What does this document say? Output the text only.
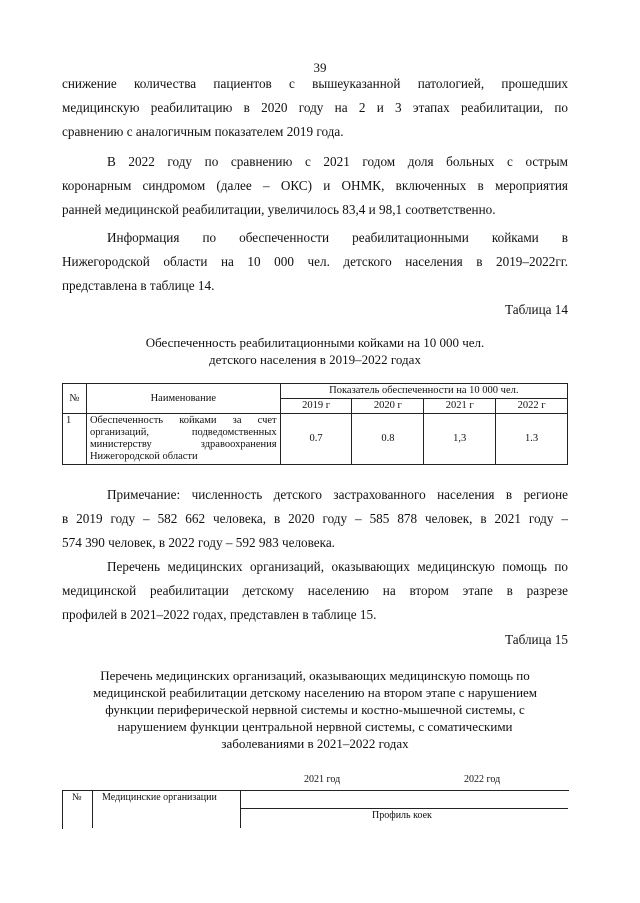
39

снижение количества пациентов с вышеуказанной патологией, прошедших
медицинскую реабилитацию в 2020 году на 2 и 3 этапах реабилитации, по
сравнению с аналогичным показателем 2019 года.

В 2022 году по сравнению с 2021 годом доля больных с острым
коронарным синдромом (далее – ОКС) и ОНМК, включенных в мероприятия
ранней медицинской реабилитации, увеличилось 83,4 и 98,1 соответственно.

Информация по обеспеченности реабилитационными койками в
Нижегородской области на 10 000 чел. детского населения в 2019–2022гг.
представлена в таблице 14.

Таблица 14
Обеспеченность реабилитационными койками на 10 000 чел.
детского населения в 2019–2022 годах
№	Наименование	Показатель обеспеченности на 10 000 чел.			
		2019 г	2020 г	2021 г	2022 г
1	Обеспеченность койками за счет организаций, подведомственных министерству здравоохранения Нижегородской области	0.7	0.8	1,3	1.3

Примечание: численность детского застрахованного населения в регионе
в 2019 году – 582 662 человека, в 2020 году – 585 878 человек, в 2021 году –
574 390 человек, в 2022 году – 592 983 человека.

Перечень медицинских организаций, оказывающих медицинскую помощь по
медицинской реабилитации детскому населению на втором этапе в разрезе
профилей в 2021–2022 годах, представлен в таблице 15.

Таблица 15
Перечень медицинских организаций, оказывающих медицинскую помощь по
медицинской реабилитации детскому населению на втором этапе с нарушением
функции периферической нервной системы и костно-мышечной системы, с
нарушением функции центральной нервной системы, с соматическими
заболеваниями в 2021–2022 годах
2021 год	2022 год
№ Медицинские организации
Профиль коек
